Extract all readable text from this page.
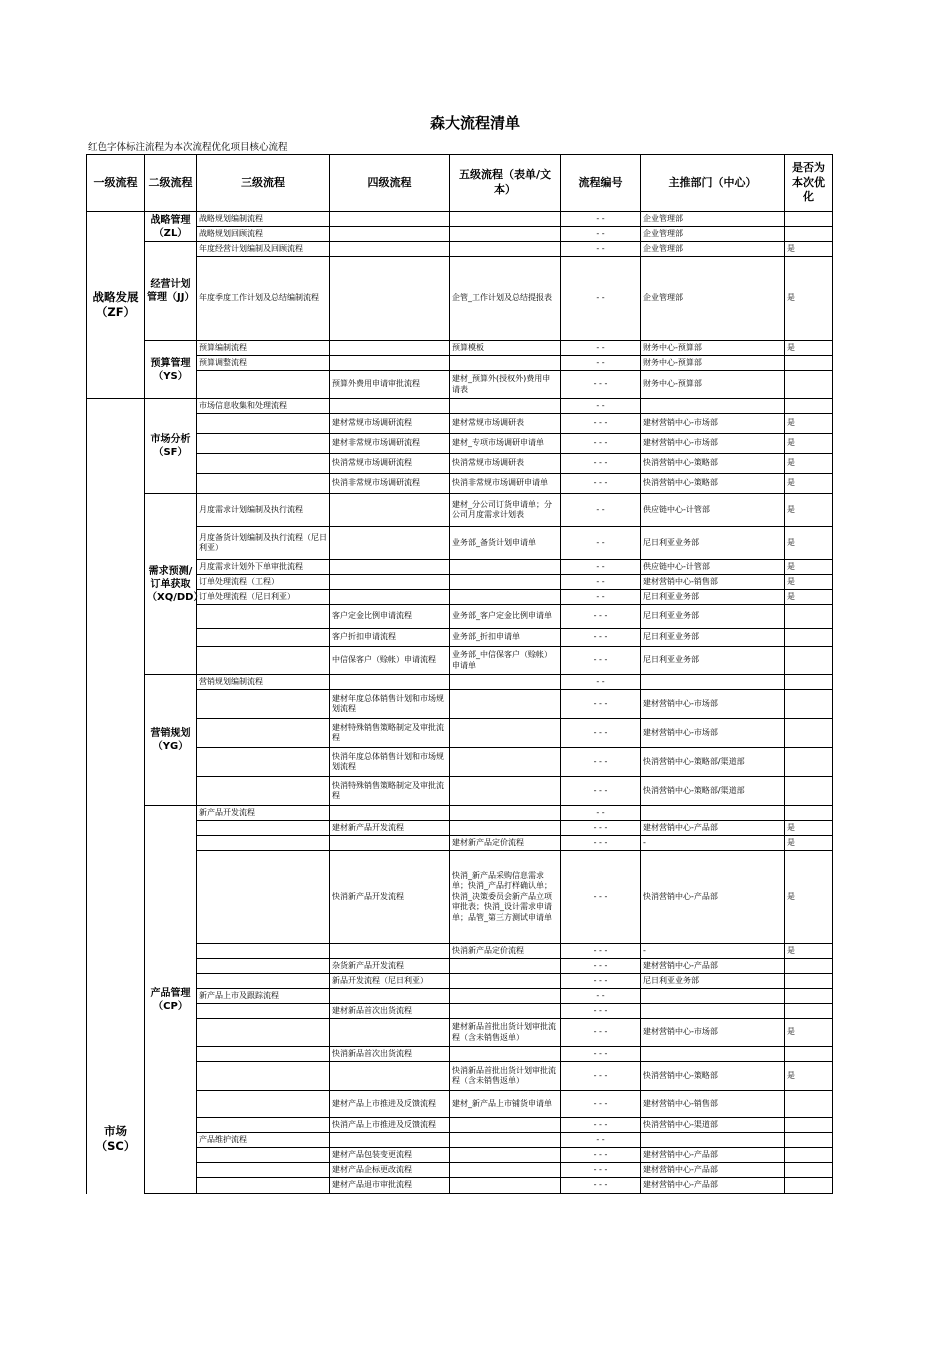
森大流程清单
红色字体标注流程为本次流程优化项目核心流程
一级流程	二级流程	三级流程	四级流程	五级流程（表单/文本）	流程编号	主推部门（中心）	是否为本次优化
战略发展（ZF）	战略管理（ZL）	战略规划编制流程			- -	企业管理部	
		战略规划回顾流程			- -	企业管理部	
	经营计划管理（JJ）	年度经营计划编制及回顾流程			- -	企业管理部	是
		年度季度工作计划及总结编制流程		企管_工作计划及总结提报表	- -	企业管理部	是
	预算管理（YS）	预算编制流程		预算模板	- -	财务中心-预算部	是
		预算调整流程			- -	财务中心-预算部	
			预算外费用申请审批流程	建材_预算外(授权外)费用申请表	- - -	财务中心-预算部	
市场（SC）	市场分析（SF）	市场信息收集和处理流程			- -		
			建材常规市场调研流程	建材常规市场调研表	- - -	建材营销中心-市场部	是
			建材非常规市场调研流程	建材_专项市场调研申请单	- - -	建材营销中心-市场部	是
			快消常规市场调研流程	快消常规市场调研表	- - -	快消营销中心-策略部	是
			快消非常规市场调研流程	快消非常规市场调研申请单	- - -	快消营销中心-策略部	是
	需求预测/订单获取（XQ/DD）	月度需求计划编制及执行流程		建材_分公司订货申请单；分公司月度需求计划表	- -	供应链中心-计管部	是
		月度备货计划编制及执行流程（尼日利亚）		业务部_备货计划申请单	- -	尼日利亚业务部	是
		月度需求计划外下单审批流程			- -	供应链中心-计管部	是
		订单处理流程（工程）			- -	建材营销中心-销售部	是
		订单处理流程（尼日利亚）			- -	尼日利亚业务部	是
			客户定金比例申请流程	业务部_客户定金比例申请单	- - -	尼日利亚业务部	
			客户折扣申请流程	业务部_折扣申请单	- - -	尼日利亚业务部	
			中信保客户（赊帐）申请流程	业务部_中信保客户（赊帐）申请单	- - -	尼日利亚业务部	
	营销规划（YG）	营销规划编制流程			- -		
			建材年度总体销售计划和市场规划流程		- - -	建材营销中心-市场部	
			建材特殊销售策略制定及审批流程		- - -	建材营销中心-市场部	
			快消年度总体销售计划和市场规划流程		- - -	快消营销中心-策略部/渠道部	
			快消特殊销售策略制定及审批流程		- - -	快消营销中心-策略部/渠道部	
	产品管理（CP）	新产品开发流程			- -		
			建材新产品开发流程		- - -	建材营销中心-产品部	是
				建材新产品定价流程	- - -	-	是
			快消新产品开发流程	快消_新产品采购信息需求单；快消_产品打样确认单；快消_决策委员会新产品立项审批表；快消_设计需求申请单；品管_第三方测试申请单	- - -	快消营销中心-产品部	是
				快消新产品定价流程	- - -	-	是
			杂货新产品开发流程		- - -	建材营销中心-产品部	
			新品开发流程（尼日利亚）		- - -	尼日利亚业务部	
		新产品上市及跟踪流程			- -		
			建材新品首次出货流程		- - -		
				建材新品首批出货计划审批流程（含未销售返单）	- - -	建材营销中心-市场部	是
			快消新品首次出货流程		- - -		
				快消新品首批出货计划审批流程（含未销售返单）	- - -	快消营销中心-策略部	是
			建材产品上市推进及反馈流程	建材_新产品上市铺货申请单	- - -	建材营销中心-销售部	
			快消产品上市推进及反馈流程		- - -	快消营销中心-渠道部	
		产品维护流程			- -		
			建材产品包装变更流程		- - -	建材营销中心-产品部	
			建材产品企标更改流程		- - -	建材营销中心-产品部	
			建材产品退市审批流程		- - -	建材营销中心-产品部	
